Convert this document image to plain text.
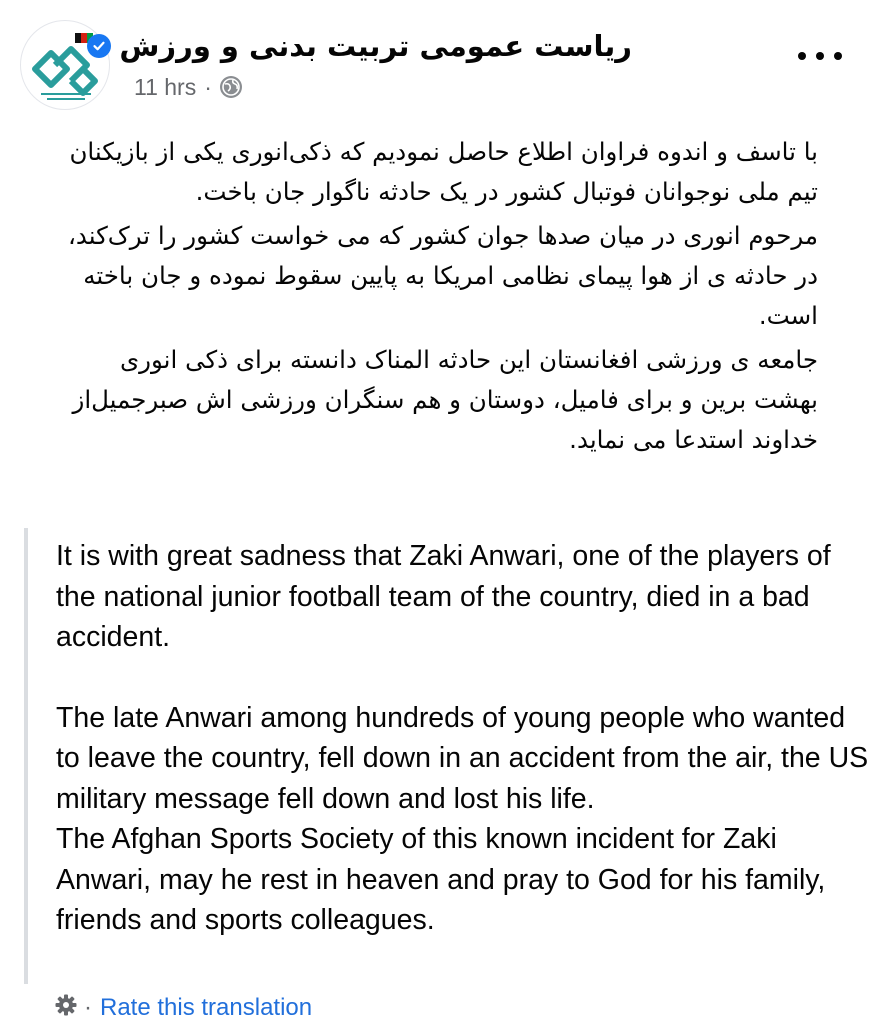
ریاست عمومی تربیت بدنی و ورزش
11 hrs ·

با تاسف و اندوه فراوان اطلاع حاصل نمودیم که ذکی‌انوری یکی از بازیکنان تیم ملی نوجوانان فوتبال کشور در یک حادثه ناگوار جان باخت.

مرحوم انوری در میان صدها جوان کشور که می خواست کشور را ترک‌کند، در حادثه ی از هوا پیمای نظامی امریکا به پایین سقوط نموده و جان باخته است.

جامعه ی ورزشی افغانستان این حادثه المناک دانسته برای ذکی انوری بهشت برین و برای فامیل، دوستان و هم سنگران ورزشی اش صبرجمیل‌از خداوند استدعا می نماید.

It is with great sadness that Zaki Anwari, one of the players of the national junior football team of the country, died in a bad accident.

The late Anwari among hundreds of young people who wanted to leave the country, fell down in an accident from the air, the US military message fell down and lost his life.

The Afghan Sports Society of this known incident for Zaki Anwari, may he rest in heaven and pray to God for his family, friends and sports colleagues.

· Rate this translation
